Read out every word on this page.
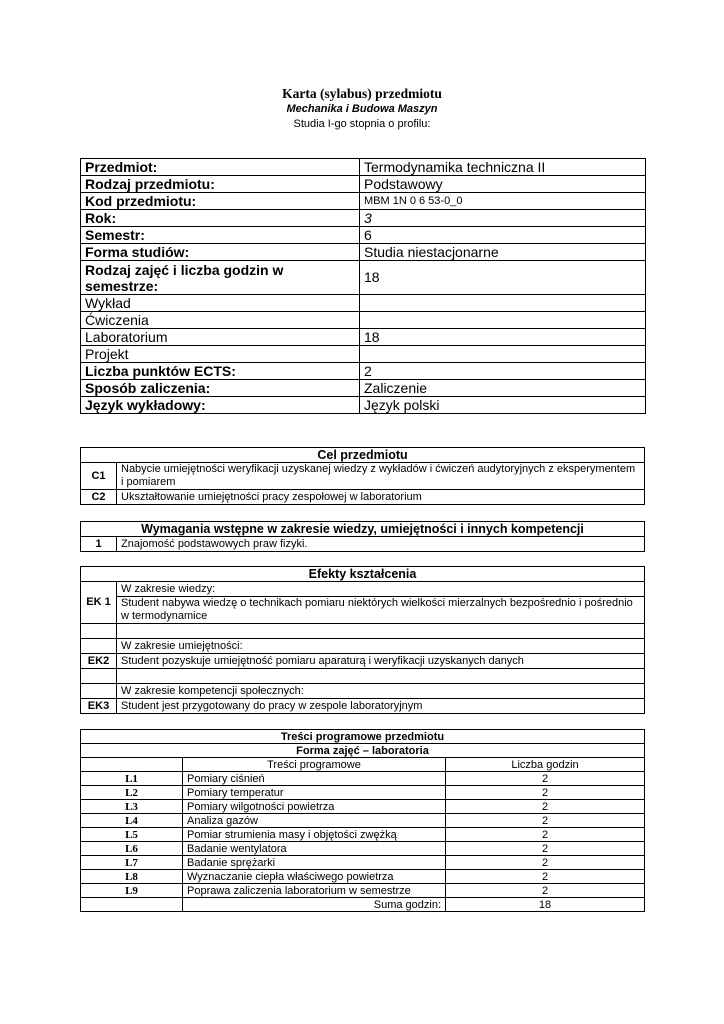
Karta (sylabus) przedmiotu
Mechanika i Budowa Maszyn
Studia I-go stopnia o profilu:
Przedmiot:	Termodynamika techniczna II
Rodzaj przedmiotu:	Podstawowy
Kod przedmiotu:	MBM 1N 0 6 53-0_0
Rok:	3
Semestr:	6
Forma studiów:	Studia niestacjonarne
Rodzaj zajęć i liczba godzin w semestrze:	18
Wykład	
Ćwiczenia	
Laboratorium	18
Projekt	
Liczba punktów ECTS:	2
Sposób zaliczenia:	Zaliczenie
Język wykładowy:	Język polski
Cel przedmiotu	
C1	Nabycie umiejętności weryfikacji uzyskanej wiedzy z wykładów i ćwiczeń audytoryjnych z eksperymentem i pomiarem
C2	Ukształtowanie umiejętności pracy zespołowej w laboratorium
Wymagania wstępne w zakresie wiedzy, umiejętności i innych kompetencji
1	Znajomość podstawowych praw fizyki.
Efekty kształcenia	
EK 1	W zakresie wiedzy:
	Student nabywa wiedzę o technikach pomiaru niektórych wielkości mierzalnych bezpośrednio i pośrednio w termodynamice

	W zakresie umiejętności:
EK2	Student pozyskuje umiejętność pomiaru aparaturą i weryfikacji uzyskanych danych

	W zakresie kompetencji społecznych:
EK3	Student jest przygotowany do pracy w zespole laboratoryjnym
Treści programowe przedmiotu		
Forma zajęć – laboratoria		
	Treści programowe	Liczba godzin
L1	Pomiary ciśnień	2
L2	Pomiary temperatur	2
L3	Pomiary wilgotności powietrza	2
L4	Analiza gazów	2
L5	Pomiar strumienia masy i objętości zwężką	2
L6	Badanie wentylatora	2
L7	Badanie sprężarki	2
L8	Wyznaczanie ciepła właściwego powietrza	2
L9	Poprawa zaliczenia laboratorium w semestrze	2
	Suma godzin:	18
